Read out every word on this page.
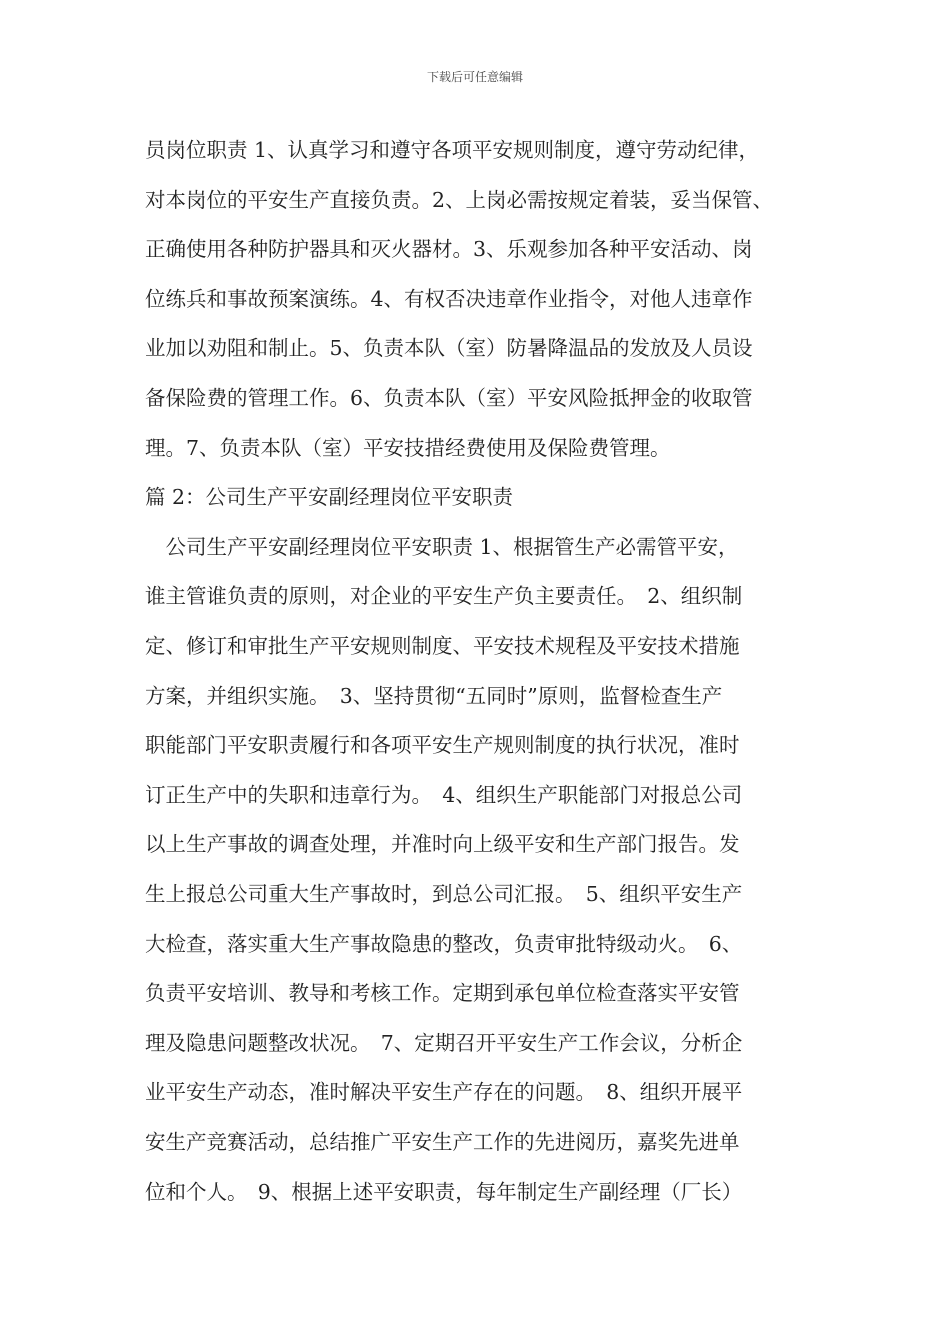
下载后可任意编辑
员岗位职责 1、认真学习和遵守各项平安规则制度，遵守劳动纪律，
对本岗位的平安生产直接负责。2、上岗必需按规定着装，妥当保管、
正确使用各种防护器具和灭火器材。3、乐观参加各种平安活动、岗
位练兵和事故预案演练。4、有权否决违章作业指令，对他人违章作
业加以劝阻和制止。5、负责本队（室）防暑降温品的发放及人员设
备保险费的管理工作。6、负责本队（室）平安风险抵押金的收取管
理。7、负责本队（室）平安技措经费使用及保险费管理。
篇 2：公司生产平安副经理岗位平安职责
　公司生产平安副经理岗位平安职责 1、根据管生产必需管平安，
谁主管谁负责的原则，对企业的平安生产负主要责任。　2、组织制
定、修订和审批生产平安规则制度、平安技术规程及平安技术措施
方案，并组织实施。　3、坚持贯彻“五同时”原则，监督检查生产
职能部门平安职责履行和各项平安生产规则制度的执行状况，准时
订正生产中的失职和违章行为。　4、组织生产职能部门对报总公司
以上生产事故的调查处理，并准时向上级平安和生产部门报告。发
生上报总公司重大生产事故时，到总公司汇报。　5、组织平安生产
大检查，落实重大生产事故隐患的整改，负责审批特级动火。　6、
负责平安培训、教导和考核工作。定期到承包单位检查落实平安管
理及隐患问题整改状况。　7、定期召开平安生产工作会议，分析企
业平安生产动态，准时解决平安生产存在的问题。　8、组织开展平
安生产竞赛活动，总结推广平安生产工作的先进阅历，嘉奖先进单
位和个人。　9、根据上述平安职责，每年制定生产副经理（厂长）
